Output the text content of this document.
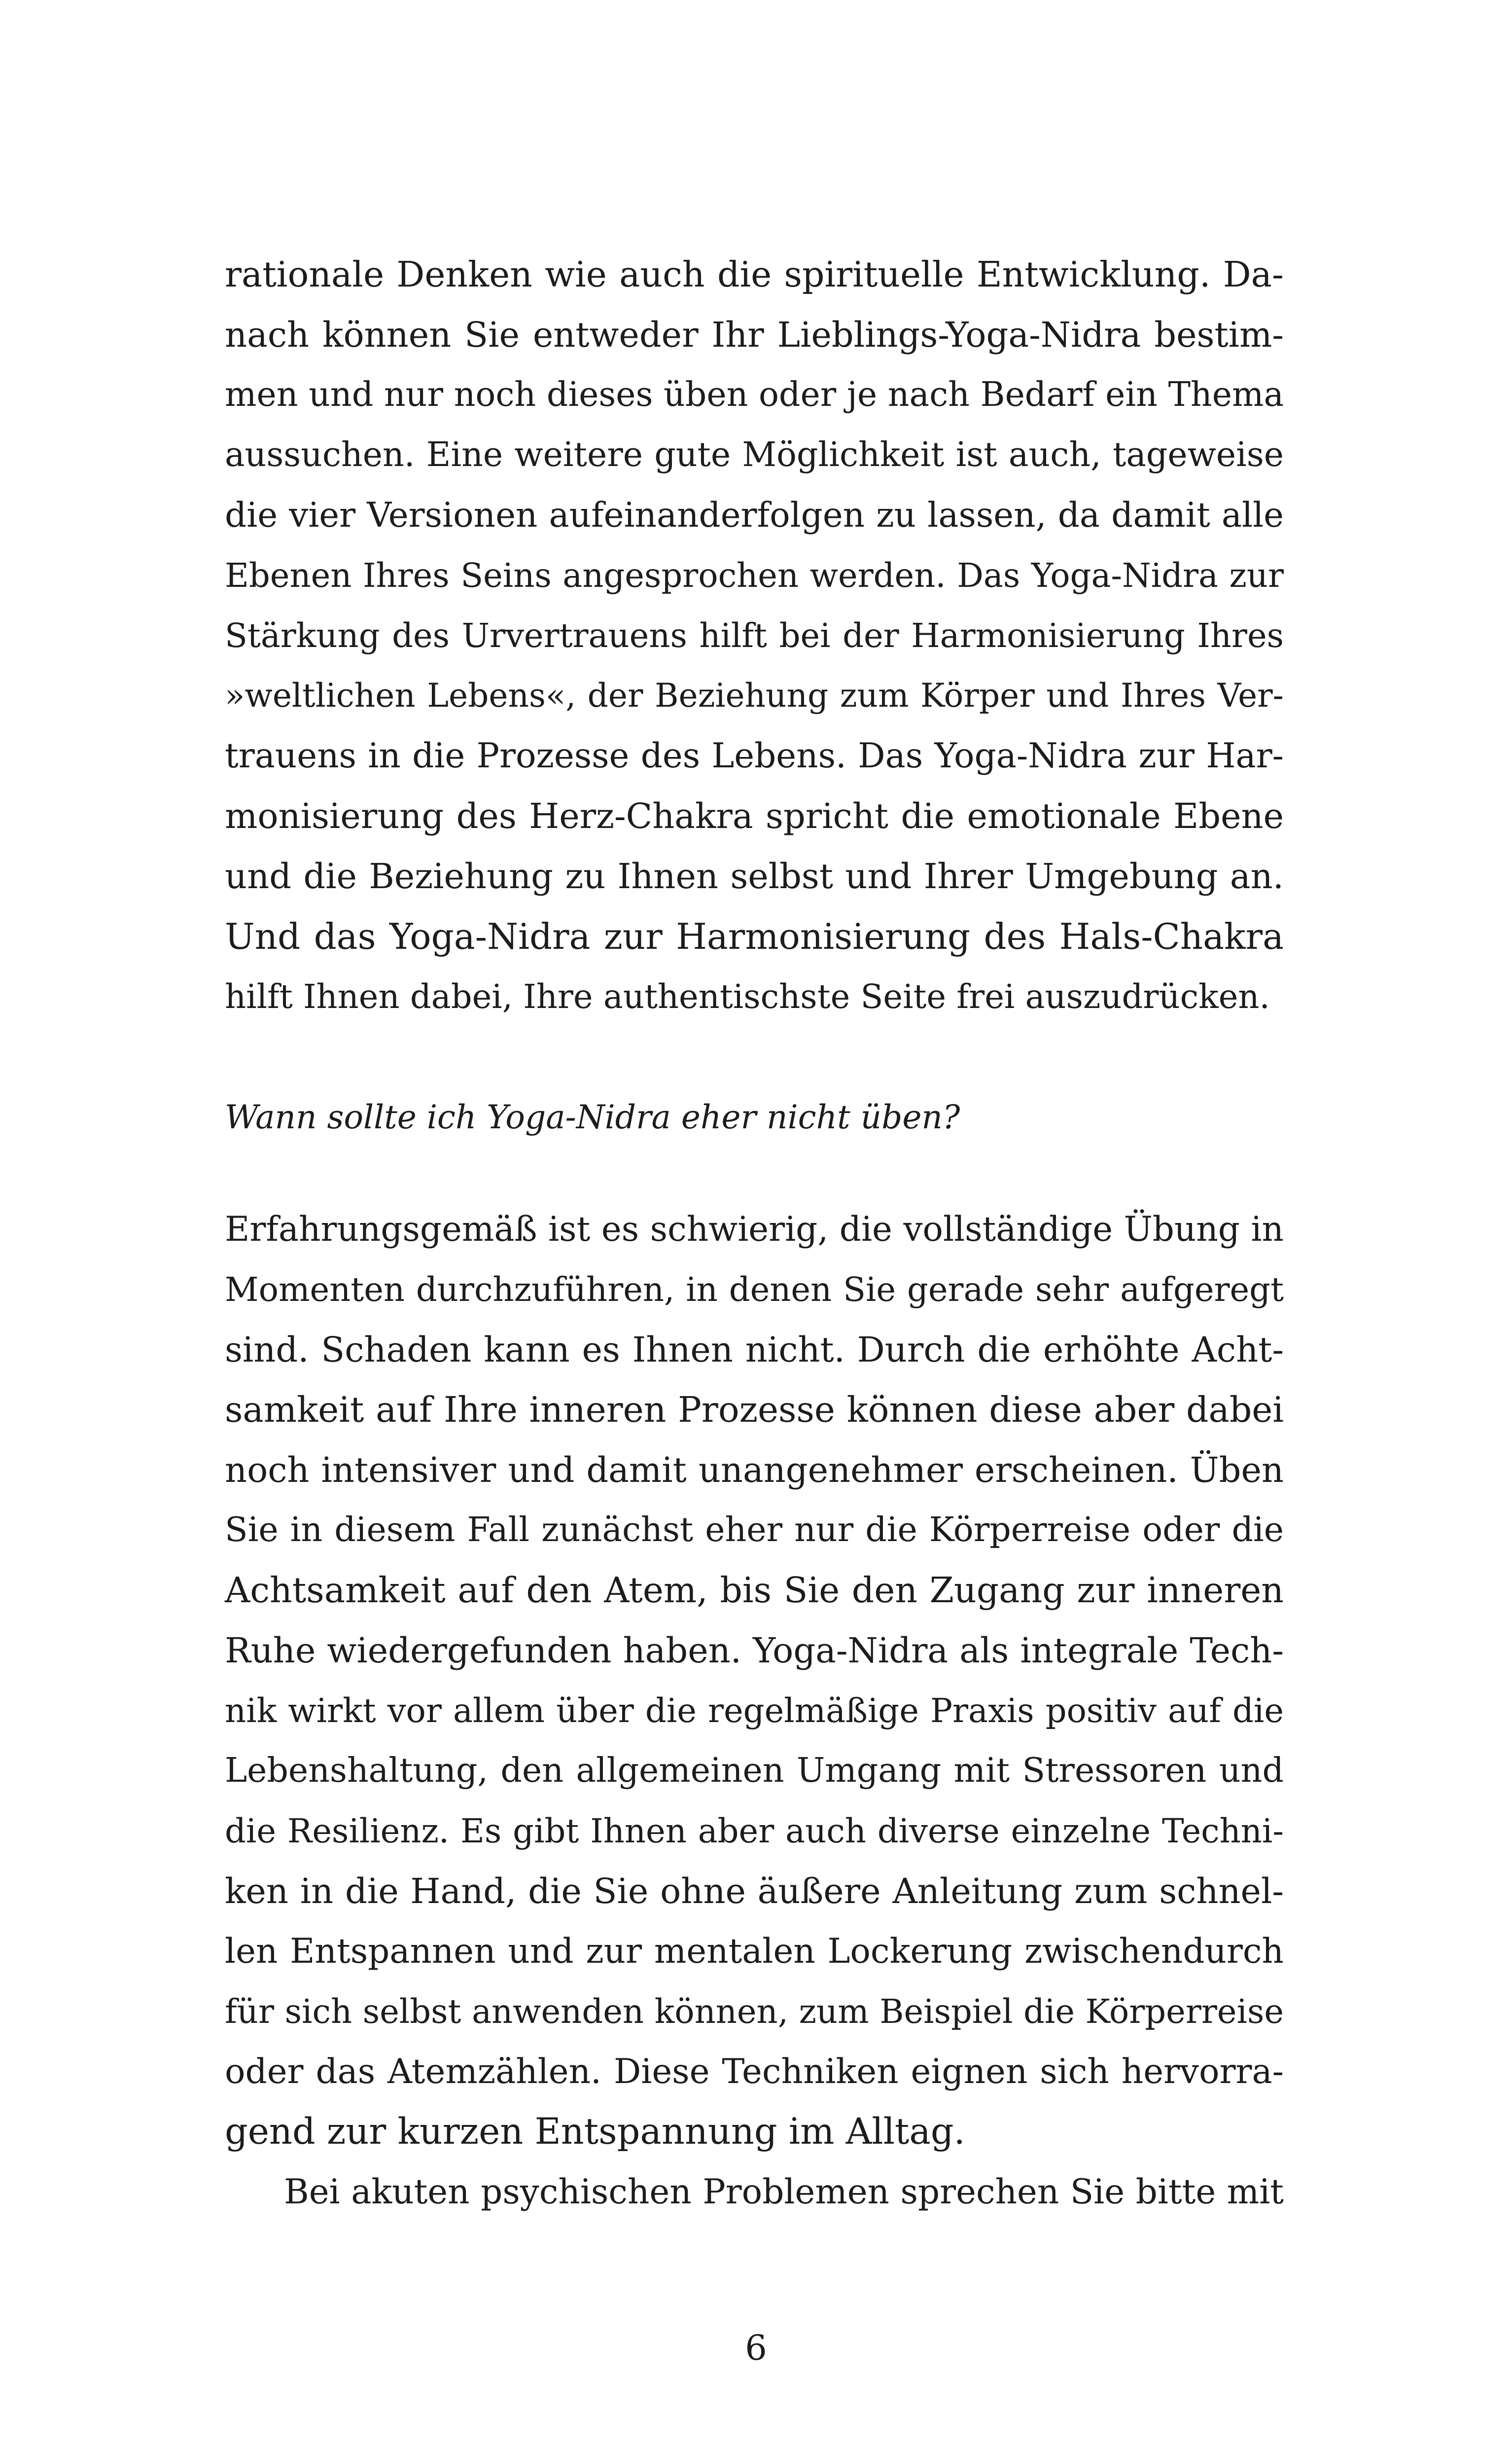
rationale Denken wie auch die spirituelle Entwicklung. Da-
nach können Sie entweder Ihr Lieblings-Yoga-Nidra bestim-
men und nur noch dieses üben oder je nach Bedarf ein Thema
aussuchen. Eine weitere gute Möglichkeit ist auch, tageweise
die vier Versionen aufeinanderfolgen zu lassen, da damit alle
Ebenen Ihres Seins angesprochen werden. Das Yoga-Nidra zur
Stärkung des Urvertrauens hilft bei der Harmonisierung Ihres
»weltlichen Lebens«, der Beziehung zum Körper und Ihres Ver-
trauens in die Prozesse des Lebens. Das Yoga-Nidra zur Har-
monisierung des Herz-Chakra spricht die emotionale Ebene
und die Beziehung zu Ihnen selbst und Ihrer Umgebung an.
Und das Yoga-Nidra zur Harmonisierung des Hals-Chakra
hilft Ihnen dabei, Ihre authentischste Seite frei auszudrücken.
Wann sollte ich Yoga-Nidra eher nicht üben?
Erfahrungsgemäß ist es schwierig, die vollständige Übung in
Momenten durchzuführen, in denen Sie gerade sehr aufgeregt
sind. Schaden kann es Ihnen nicht. Durch die erhöhte Acht-
samkeit auf Ihre inneren Prozesse können diese aber dabei
noch intensiver und damit unangenehmer erscheinen. Üben
Sie in diesem Fall zunächst eher nur die Körperreise oder die
Achtsamkeit auf den Atem, bis Sie den Zugang zur inneren
Ruhe wiedergefunden haben. Yoga-Nidra als integrale Tech-
nik wirkt vor allem über die regelmäßige Praxis positiv auf die
Lebenshaltung, den allgemeinen Umgang mit Stressoren und
die Resilienz. Es gibt Ihnen aber auch diverse einzelne Techni-
ken in die Hand, die Sie ohne äußere Anleitung zum schnel-
len Entspannen und zur mentalen Lockerung zwischendurch
für sich selbst anwenden können, zum Beispiel die Körperreise
oder das Atemzählen. Diese Techniken eignen sich hervorra-
gend zur kurzen Entspannung im Alltag.
Bei akuten psychischen Problemen sprechen Sie bitte mit
6
